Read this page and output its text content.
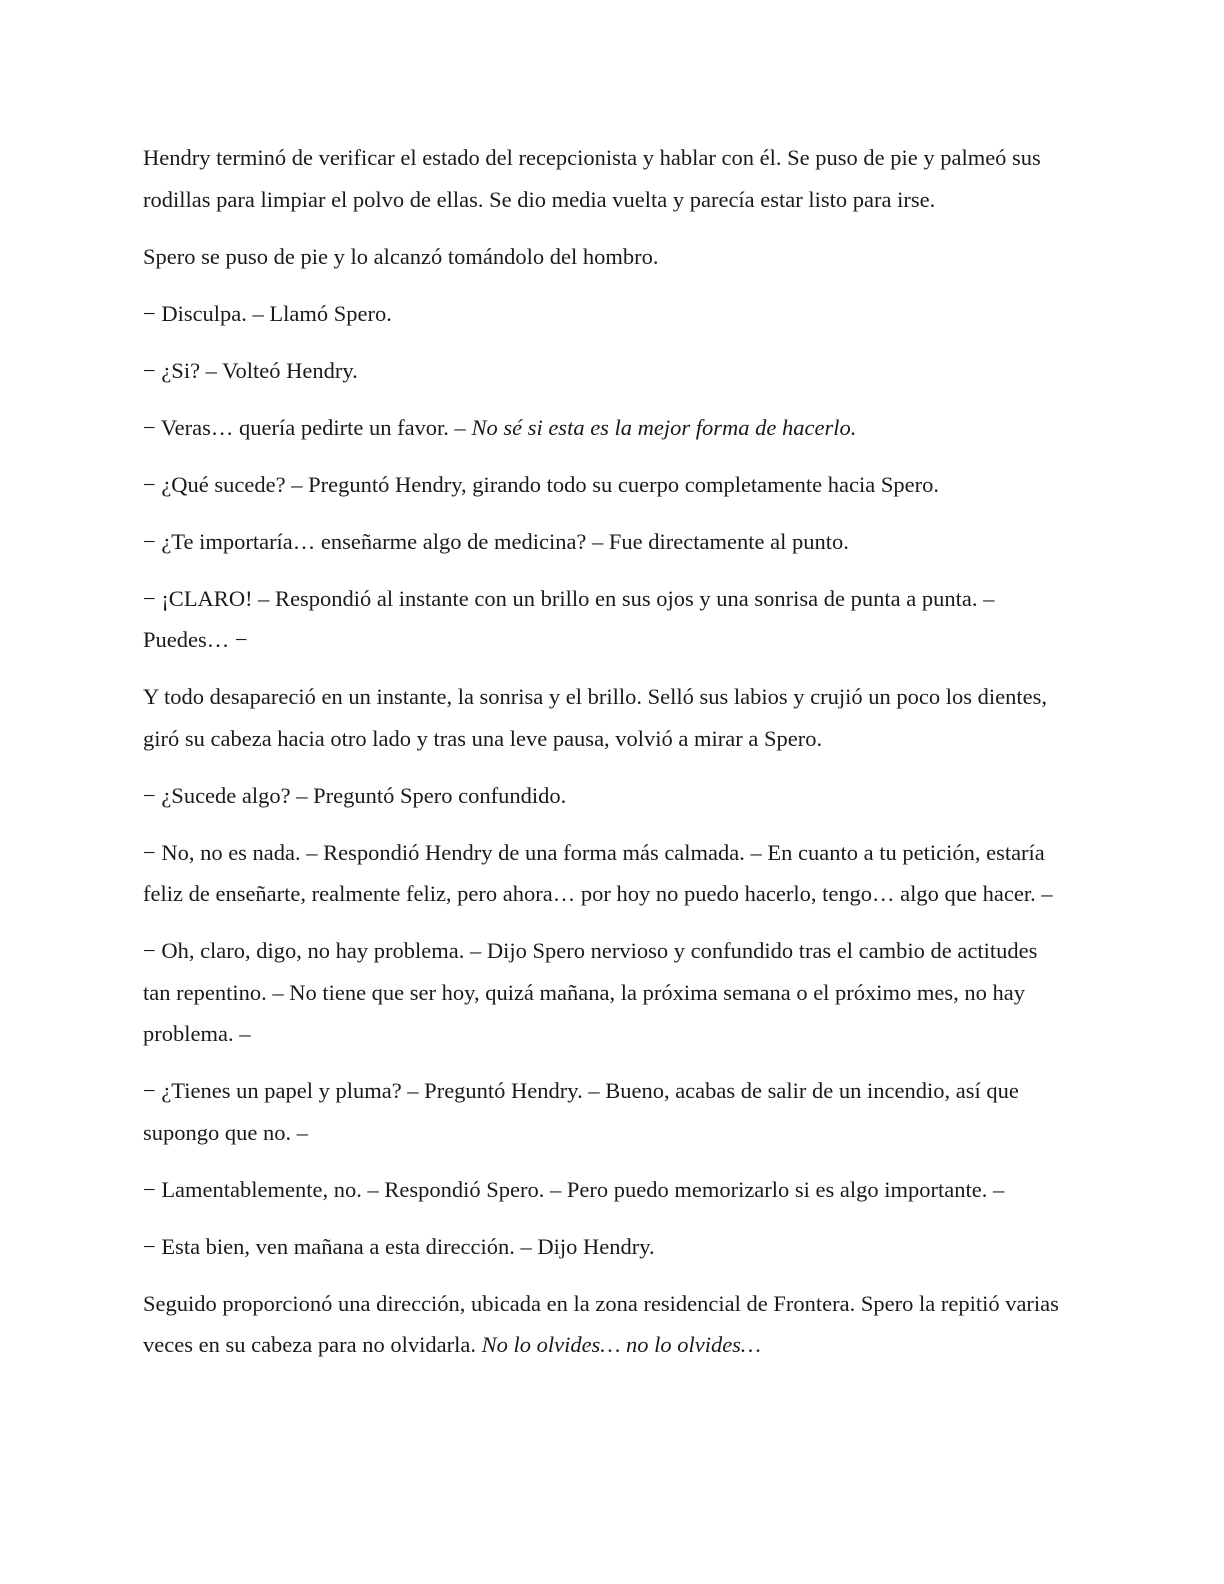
Hendry terminó de verificar el estado del recepcionista y hablar con él. Se puso de pie y palmeó sus rodillas para limpiar el polvo de ellas. Se dio media vuelta y parecía estar listo para irse.

Spero se puso de pie y lo alcanzó tomándolo del hombro.

− Disculpa. – Llamó Spero.

− ¿Si? – Volteó Hendry.

− Veras… quería pedirte un favor. – No sé si esta es la mejor forma de hacerlo.

− ¿Qué sucede? – Preguntó Hendry, girando todo su cuerpo completamente hacia Spero.

− ¿Te importaría… enseñarme algo de medicina? – Fue directamente al punto.

− ¡CLARO! – Respondió al instante con un brillo en sus ojos y una sonrisa de punta a punta. – Puedes… −

Y todo desapareció en un instante, la sonrisa y el brillo. Selló sus labios y crujió un poco los dientes, giró su cabeza hacia otro lado y tras una leve pausa, volvió a mirar a Spero.

− ¿Sucede algo? – Preguntó Spero confundido.

− No, no es nada. – Respondió Hendry de una forma más calmada. – En cuanto a tu petición, estaría feliz de enseñarte, realmente feliz, pero ahora… por hoy no puedo hacerlo, tengo… algo que hacer. –

− Oh, claro, digo, no hay problema. – Dijo Spero nervioso y confundido tras el cambio de actitudes tan repentino. – No tiene que ser hoy, quizá mañana, la próxima semana o el próximo mes, no hay problema. –

− ¿Tienes un papel y pluma? – Preguntó Hendry. – Bueno, acabas de salir de un incendio, así que supongo que no. –

− Lamentablemente, no. – Respondió Spero. – Pero puedo memorizarlo si es algo importante. –

− Esta bien, ven mañana a esta dirección. – Dijo Hendry.

Seguido proporcionó una dirección, ubicada en la zona residencial de Frontera. Spero la repitió varias veces en su cabeza para no olvidarla. No lo olvides… no lo olvides…
